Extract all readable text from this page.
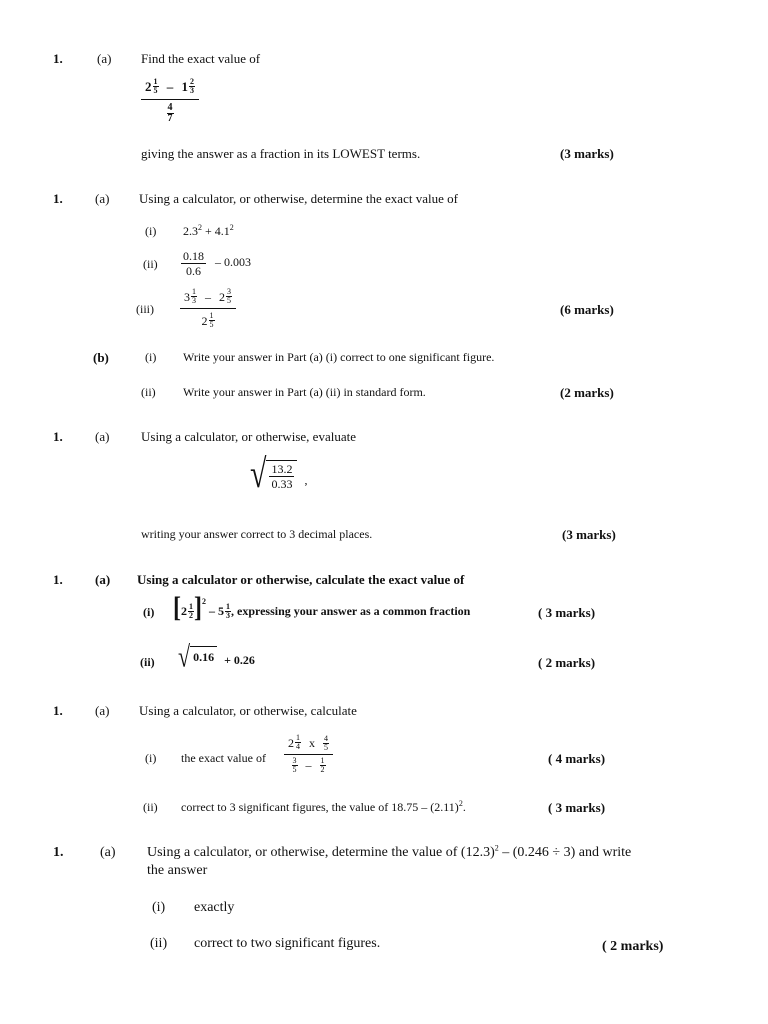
1.	(a) Find the exact value of
2 1
5 – 1 2
3
$\frac{4}{7}$
giving the answer as a fraction in its LOWEST terms.	(3 marks)
1. (a) Using a calculator, or otherwise, determine the exact value of
(i) $2.3^2 + 4.1^2$
$(ii) \frac{0.18}{0.6} - 0.003$
(iii) 3 1
3 – 2 3
5
2 1
5	(6 marks)
(b)	(i) Write your answer in Part (a) (i) correct to one significant figure.
(ii) Write your answer in Part (a) (ii) in standard form.	(2 marks)
1. (a) Using a calculator, or otherwise, evaluate
√ $\frac{13.2}{0.33}$ ,
writing your answer correct to 3 decimal places.	(3 marks)
1. (a) Using a calculator or otherwise, calculate the exact value of
(i) [ 2 1
2 ]$^2$ – 5 1
3 , expressing your answer as a common fraction	( 3 marks)
(ii) √ 0.16 + 0.26	( 2 marks)
1. (a) Using a calculator, or otherwise, calculate
(i) the exact value of 2 1
4 x $\frac{4}{5}$
$\frac{3}{5} - \frac{1}{2}$	( 4 marks)
(ii) correct to 3 significant figures, the value of $18.75 - (2.11)^2$.	( 3 marks)
1.	(a) Using a calculator, or otherwise, determine the value of $(12.3)^2 - (0.246 \div 3)$ and write
the answer
(i) exactly
(ii) correct to two significant figures.	( 2 marks)
